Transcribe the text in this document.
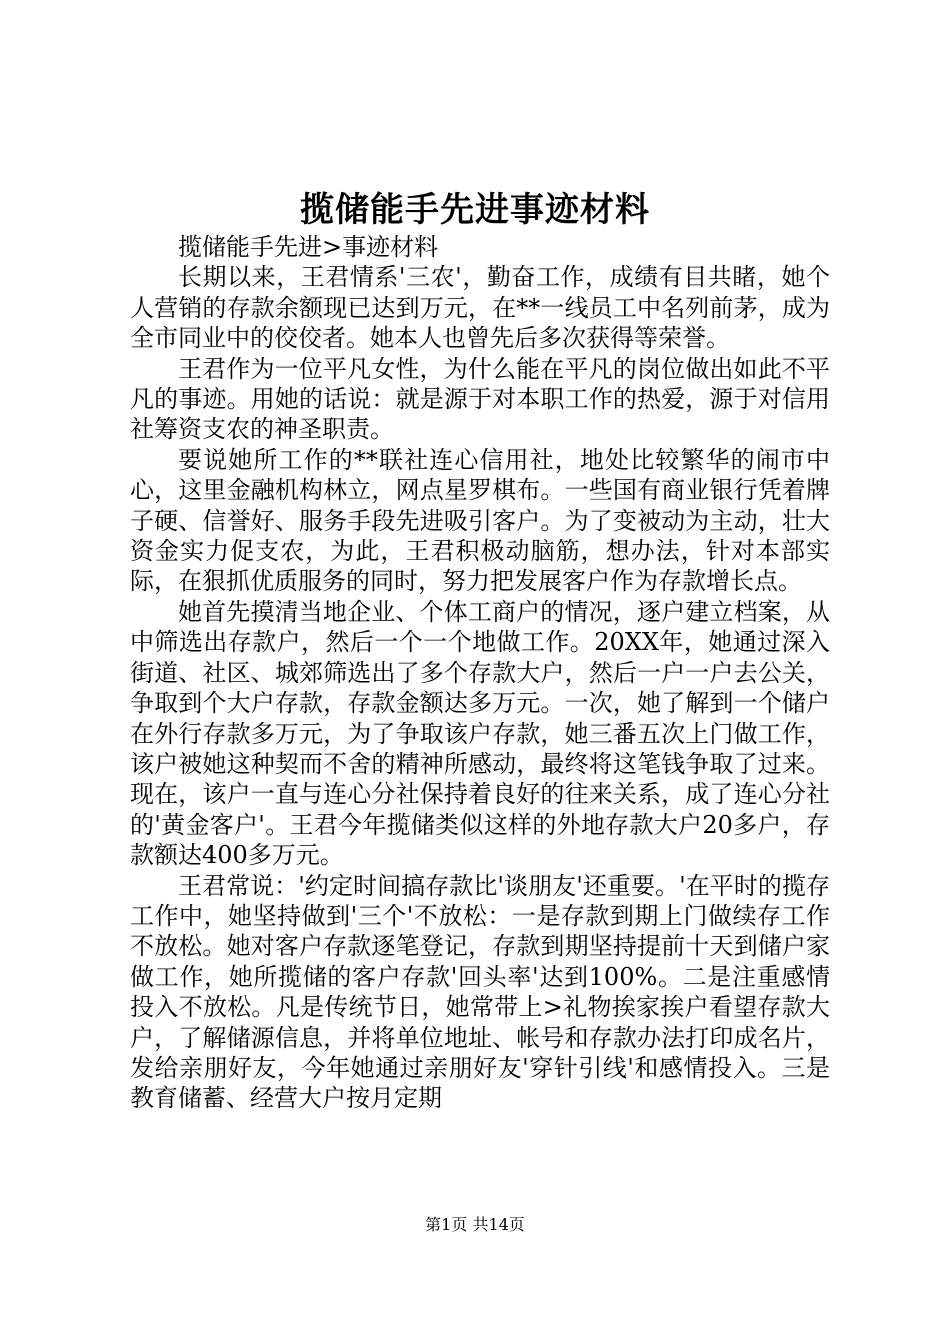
揽储能手先进事迹材料

揽储能手先进>事迹材料

长期以来，王君情系'三农'，勤奋工作，成绩有目共睹，她个人营销的存款余额现已达到万元，在**一线员工中名列前茅，成为全市同业中的佼佼者。她本人也曾先后多次获得等荣誉。

王君作为一位平凡女性，为什么能在平凡的岗位做出如此不平凡的事迹。用她的话说：就是源于对本职工作的热爱，源于对信用社筹资支农的神圣职责。

要说她所工作的**联社连心信用社，地处比较繁华的闹市中心，这里金融机构林立，网点星罗棋布。一些国有商业银行凭着牌子硬、信誉好、服务手段先进吸引客户。为了变被动为主动，壮大资金实力促支农，为此，王君积极动脑筋，想办法，针对本部实际，在狠抓优质服务的同时，努力把发展客户作为存款增长点。

她首先摸清当地企业、个体工商户的情况，逐户建立档案，从中筛选出存款户，然后一个一个地做工作。20XX年，她通过深入街道、社区、城郊筛选出了多个存款大户，然后一户一户去公关，争取到个大户存款，存款金额达多万元。一次，她了解到一个储户在外行存款多万元，为了争取该户存款，她三番五次上门做工作，该户被她这种契而不舍的精神所感动，最终将这笔钱争取了过来。现在，该户一直与连心分社保持着良好的往来关系，成了连心分社的'黄金客户'。王君今年揽储类似这样的外地存款大户20多户，存款额达400多万元。

王君常说：'约定时间搞存款比'谈朋友'还重要。'在平时的揽存工作中，她坚持做到'三个'不放松：一是存款到期上门做续存工作不放松。她对客户存款逐笔登记，存款到期坚持提前十天到储户家做工作，她所揽储的客户存款'回头率'达到100%。二是注重感情投入不放松。凡是传统节日，她常带上>礼物挨家挨户看望存款大户，了解储源信息，并将单位地址、帐号和存款办法打印成名片，发给亲朋好友，今年她通过亲朋好友'穿针引线'和感情投入。三是教育储蓄、经营大户按月定期

第1页 共14页
